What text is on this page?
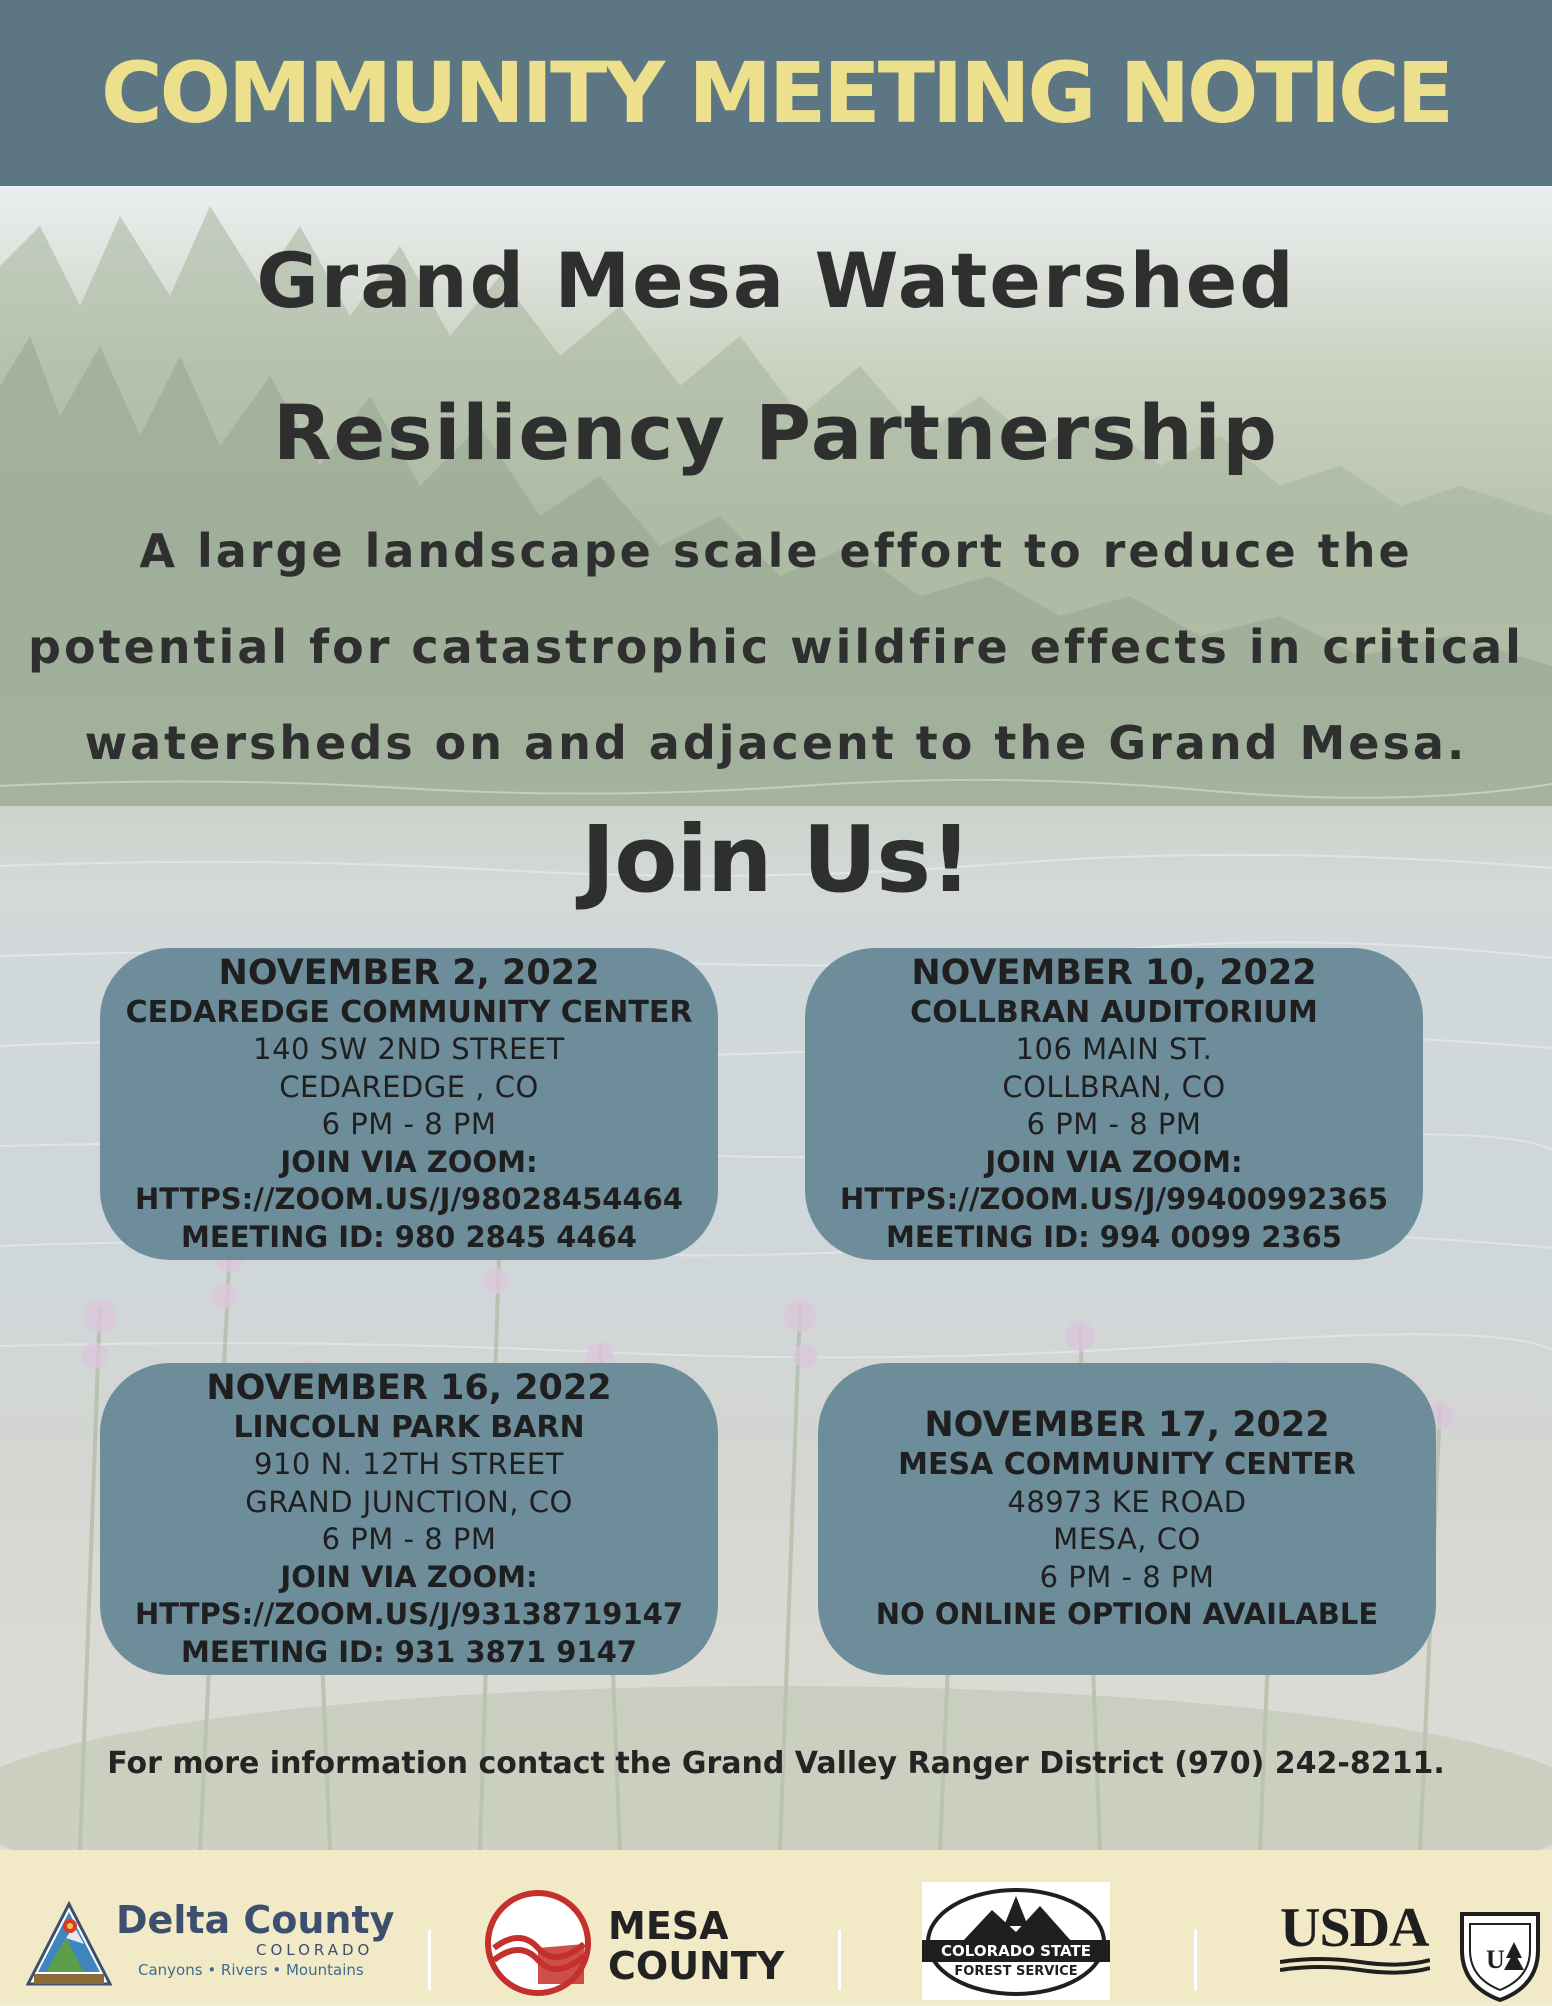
COMMUNITY MEETING NOTICE
Grand Mesa Watershed
Resiliency Partnership
A large landscape scale effort to reduce the
potential for catastrophic wildfire effects in critical
watersheds on and adjacent to the Grand Mesa.
Join Us!
NOVEMBER 2, 2022
CEDAREDGE COMMUNITY CENTER
140 SW 2ND STREET
CEDAREDGE , CO
6 PM - 8 PM
JOIN VIA ZOOM:
HTTPS://ZOOM.US/J/98028454464
MEETING ID: 980 2845 4464
NOVEMBER 10, 2022
COLLBRAN AUDITORIUM
106 MAIN ST.
COLLBRAN, CO
6 PM - 8 PM
JOIN VIA ZOOM:
HTTPS://ZOOM.US/J/99400992365
MEETING ID: 994 0099 2365
NOVEMBER 16, 2022
LINCOLN PARK BARN
910 N. 12TH STREET
GRAND JUNCTION, CO
6 PM - 8 PM
JOIN VIA ZOOM:
HTTPS://ZOOM.US/J/93138719147
MEETING ID: 931 3871 9147
NOVEMBER 17, 2022
MESA COMMUNITY CENTER
48973 KE ROAD
MESA, CO
6 PM - 8 PM
NO ONLINE OPTION AVAILABLE
For more information contact the Grand Valley Ranger District (970) 242-8211.
Delta County
COLORADO
Canyons • Rivers • Mountains
MESA
COUNTY	COLORADO STATE
FOREST SERVICE
USDA
U
